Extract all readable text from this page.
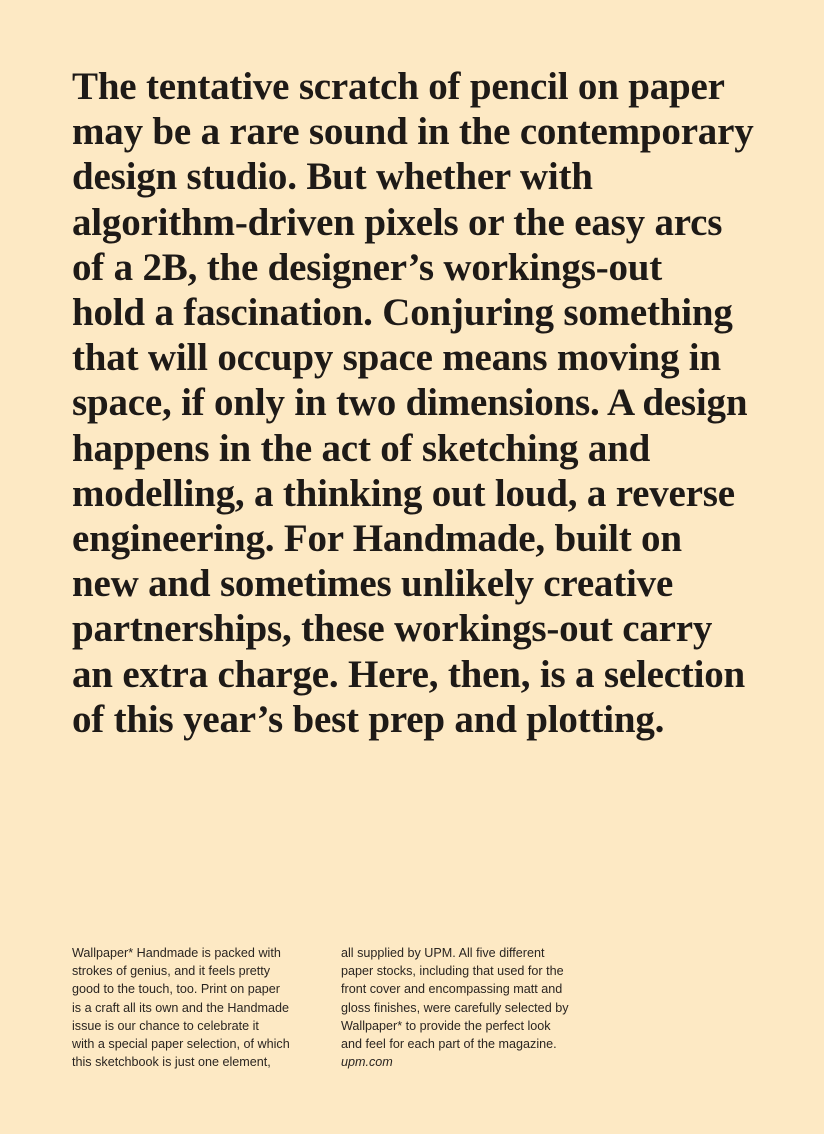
The tentative scratch of pencil on paper
may be a rare sound in the contemporary
design studio. But whether with
algorithm-driven pixels or the easy arcs
of a 2B, the designer’s workings-out
hold a fascination. Conjuring something
that will occupy space means moving in
space, if only in two dimensions. A design
happens in the act of sketching and
modelling, a thinking out loud, a reverse
engineering. For Handmade, built on
new and sometimes unlikely creative
partnerships, these workings-out carry
an extra charge. Here, then, is a selection
of this year’s best prep and plotting.

Wallpaper* Handmade is packed with
strokes of genius, and it feels pretty
good to the touch, too. Print on paper
is a craft all its own and the Handmade
issue is our chance to celebrate it
with a special paper selection, of which
this sketchbook is just one element,

all supplied by UPM. All five different
paper stocks, including that used for the
front cover and encompassing matt and
gloss finishes, were carefully selected by
Wallpaper* to provide the perfect look
and feel for each part of the magazine.
upm.com
